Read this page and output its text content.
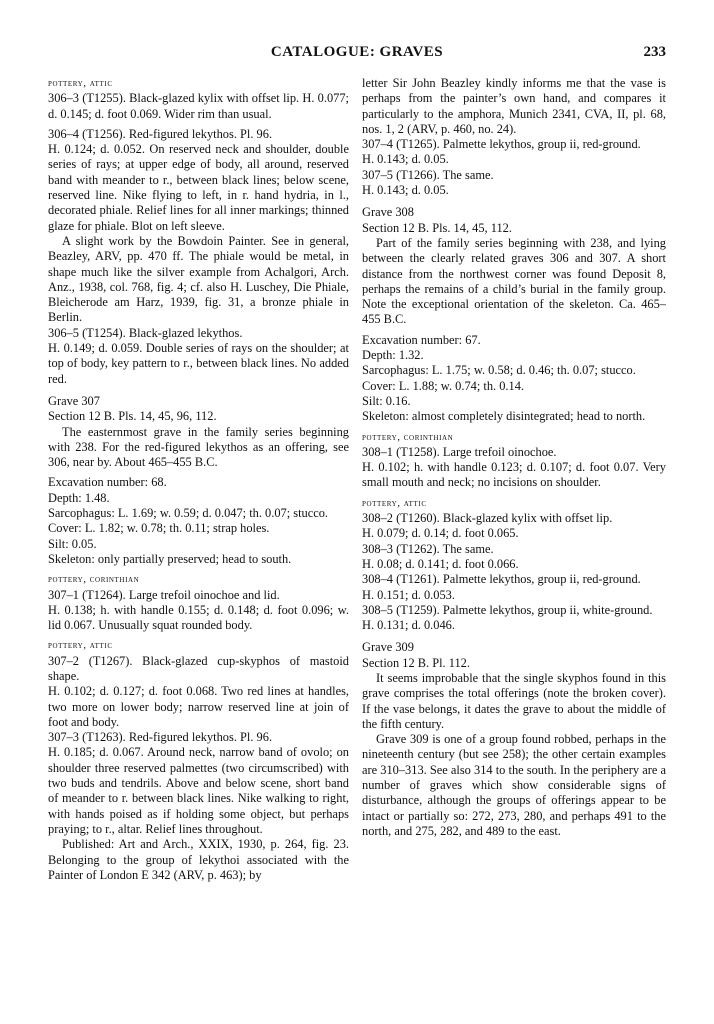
CATALOGUE: GRAVES	233

pottery, attic

306–3 (T1255). Black-glazed kylix with offset lip. H. 0.077; d. 0.145; d. foot 0.069. Wider rim than usual.

306–4 (T1256). Red-figured lekythos. Pl. 96.

H. 0.124; d. 0.052. On reserved neck and shoulder, double series of rays; at upper edge of body, all around, reserved band with meander to r., between black lines; below scene, reserved line. Nike flying to left, in r. hand hydria, in l., decorated phiale. Relief lines for all inner markings; thinned glaze for phiale. Blot on left sleeve.

A slight work by the Bowdoin Painter. See in general, Beazley, ARV, pp. 470 ff. The phiale would be metal, in shape much like the silver example from Achalgori, Arch. Anz., 1938, col. 768, fig. 4; cf. also H. Luschey, Die Phiale, Bleicherode am Harz, 1939, fig. 31, a bronze phiale in Berlin.

306–5 (T1254). Black-glazed lekythos.

H. 0.149; d. 0.059. Double series of rays on the shoulder; at top of body, key pattern to r., between black lines. No added red.

Grave 307

Section 12 B. Pls. 14, 45, 96, 112.

The easternmost grave in the family series beginning with 238. For the red-figured lekythos as an offering, see 306, near by. About 465–455 B.C.

Excavation number: 68.

Depth: 1.48.

Sarcophagus: L. 1.69; w. 0.59; d. 0.047; th. 0.07; stucco.

Cover: L. 1.82; w. 0.78; th. 0.11; strap holes.

Silt: 0.05.

Skeleton: only partially preserved; head to south.

pottery, corinthian

307–1 (T1264). Large trefoil oinochoe and lid.

H. 0.138; h. with handle 0.155; d. 0.148; d. foot 0.096; w. lid 0.067. Unusually squat rounded body.

pottery, attic

307–2 (T1267). Black-glazed cup-skyphos of mastoid shape.

H. 0.102; d. 0.127; d. foot 0.068. Two red lines at handles, two more on lower body; narrow reserved line at join of foot and body.

307–3 (T1263). Red-figured lekythos. Pl. 96.

H. 0.185; d. 0.067. Around neck, narrow band of ovolo; on shoulder three reserved palmettes (two circumscribed) with two buds and tendrils. Above and below scene, short band of meander to r. between black lines. Nike walking to right, with hands poised as if holding some object, but perhaps praying; to r., altar. Relief lines throughout.

Published: Art and Arch., XXIX, 1930, p. 264, fig. 23. Belonging to the group of lekythoi associated with the Painter of London E 342 (ARV, p. 463); by

letter Sir John Beazley kindly informs me that the vase is perhaps from the painter’s own hand, and compares it particularly to the amphora, Munich 2341, CVA, II, pl. 68, nos. 1, 2 (ARV, p. 460, no. 24).

307–4 (T1265). Palmette lekythos, group ii, red-ground.

H. 0.143; d. 0.05.

307–5 (T1266). The same.

H. 0.143; d. 0.05.

Grave 308

Section 12 B. Pls. 14, 45, 112.

Part of the family series beginning with 238, and lying between the clearly related graves 306 and 307. A short distance from the northwest corner was found Deposit 8, perhaps the remains of a child’s burial in the family group. Note the exceptional orientation of the skeleton. Ca. 465–455 B.C.

Excavation number: 67.

Depth: 1.32.

Sarcophagus: L. 1.75; w. 0.58; d. 0.46; th. 0.07; stucco.

Cover: L. 1.88; w. 0.74; th. 0.14.

Silt: 0.16.

Skeleton: almost completely disintegrated; head to north.

pottery, corinthian

308–1 (T1258). Large trefoil oinochoe.

H. 0.102; h. with handle 0.123; d. 0.107; d. foot 0.07. Very small mouth and neck; no incisions on shoulder.

pottery, attic

308–2 (T1260). Black-glazed kylix with offset lip.

H. 0.079; d. 0.14; d. foot 0.065.

308–3 (T1262). The same.

H. 0.08; d. 0.141; d. foot 0.066.

308–4 (T1261). Palmette lekythos, group ii, red-ground.

H. 0.151; d. 0.053.

308–5 (T1259). Palmette lekythos, group ii, white-ground.

H. 0.131; d. 0.046.

Grave 309

Section 12 B. Pl. 112.

It seems improbable that the single skyphos found in this grave comprises the total offerings (note the broken cover). If the vase belongs, it dates the grave to about the middle of the fifth century.

Grave 309 is one of a group found robbed, perhaps in the nineteenth century (but see 258); the other certain examples are 310–313. See also 314 to the south. In the periphery are a number of graves which show considerable signs of disturbance, although the groups of offerings appear to be intact or partially so: 272, 273, 280, and perhaps 491 to the north, and 275, 282, and 489 to the east.
